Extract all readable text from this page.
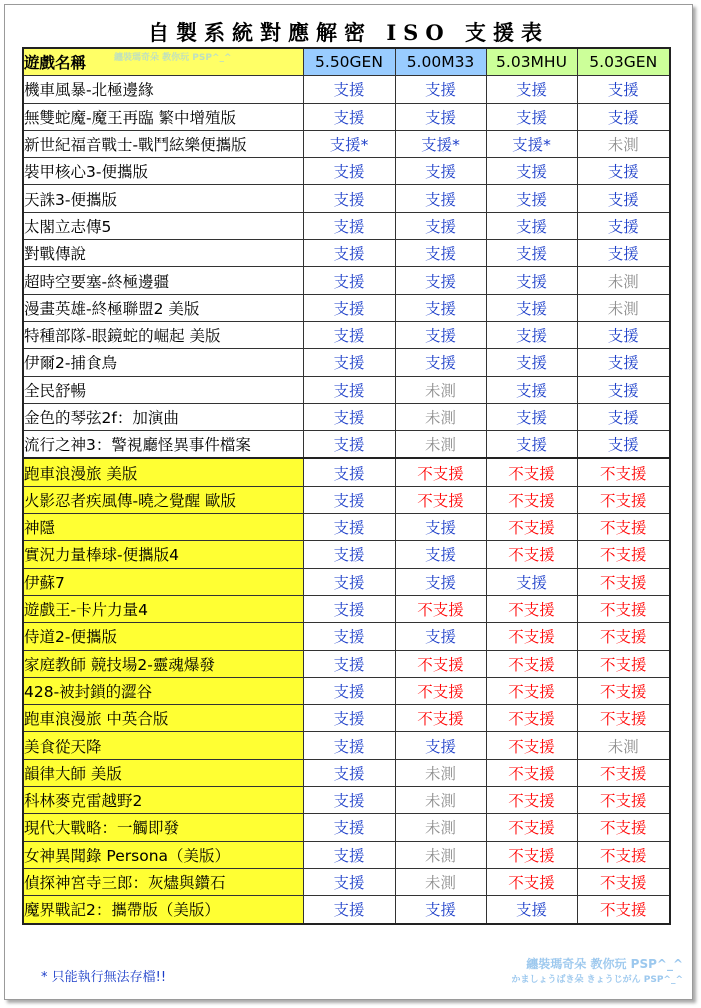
自製系統對應解密 ISO 支援表
遊戲名稱 纏裝瑪奇朵 教你玩 PSP^_^	5.50GEN	5.00M33	5.03MHU	5.03GEN
機車風暴-北極邊緣	支援	支援	支援	支援
無雙蛇魔-魔王再臨 繁中增殖版	支援	支援	支援	支援
新世紀福音戰士-戰鬥絃樂便攜版	支援*	支援*	支援*	未測
裝甲核心3-便攜版	支援	支援	支援	支援
天誅3-便攜版	支援	支援	支援	支援
太閣立志傳5	支援	支援	支援	支援
對戰傳說	支援	支援	支援	支援
超時空要塞-終極邊疆	支援	支援	支援	未測
漫畫英雄-終極聯盟2 美版	支援	支援	支援	未測
特種部隊-眼鏡蛇的崛起 美版	支援	支援	支援	支援
伊爾2-捕食鳥	支援	支援	支援	支援
全民舒暢	支援	未測	支援	支援
金色的琴弦2f：加演曲	支援	未測	支援	支援
流行之神3：警視廳怪異事件檔案	支援	未測	支援	支援
跑車浪漫旅 美版	支援	不支援	不支援	不支援
火影忍者疾風傳-曉之覺醒 歐版	支援	不支援	不支援	不支援
神隱	支援	支援	不支援	不支援
實況力量棒球-便攜版4	支援	支援	不支援	不支援
伊蘇7	支援	支援	支援	不支援
遊戲王-卡片力量4	支援	不支援	不支援	不支援
侍道2-便攜版	支援	支援	不支援	不支援
家庭教師 競技場2-靈魂爆發	支援	不支援	不支援	不支援
428-被封鎖的澀谷	支援	不支援	不支援	不支援
跑車浪漫旅 中英合版	支援	不支援	不支援	不支援
美食從天降	支援	支援	不支援	未測
韻律大師 美版	支援	未測	不支援	不支援
科林麥克雷越野2	支援	未測	不支援	不支援
現代大戰略：一觸即發	支援	未測	不支援	不支援
女神異聞錄 Persona（美版）	支援	未測	不支援	不支援
偵探神宮寺三郎：灰燼與鑽石	支援	未測	不支援	不支援
魔界戰記2：攜帶版（美版）	支援	支援	支援	不支援
* 只能執行無法存檔!!
纏裝瑪奇朵 教你玩 PSP^_^
かましょうばき朵 きょうじがん PSP^_^
